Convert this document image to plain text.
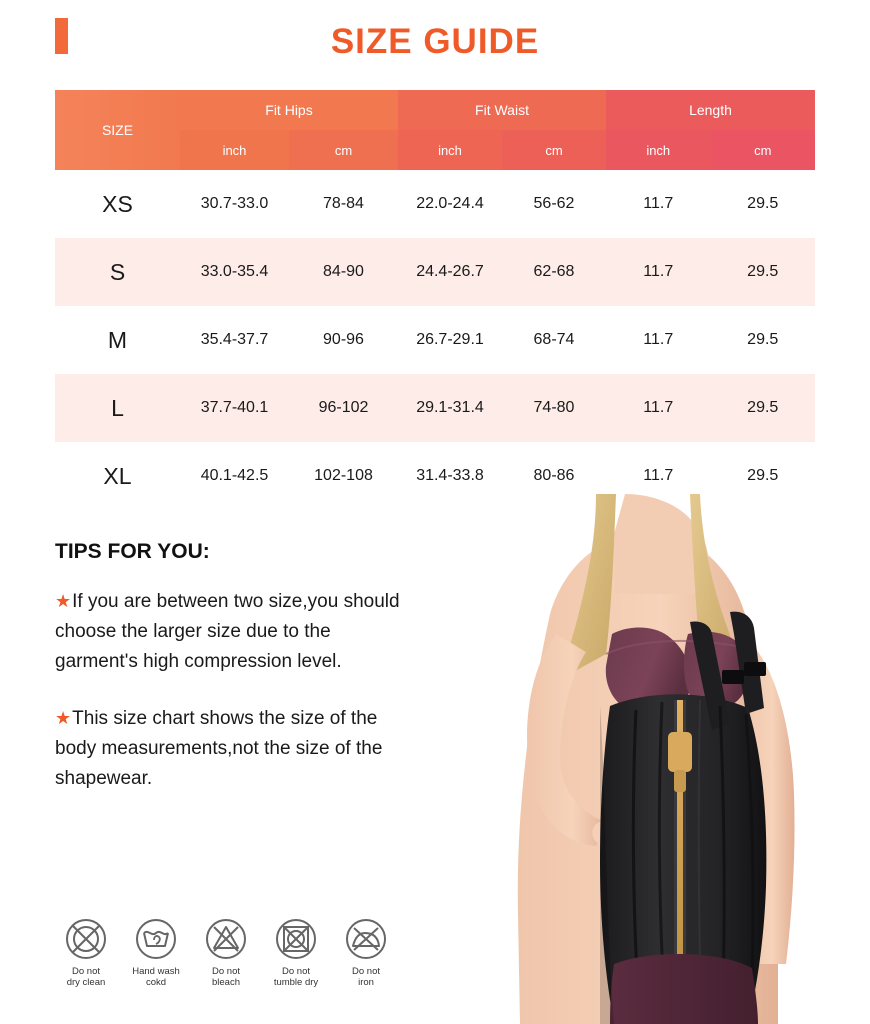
SIZE GUIDE
SIZE	Fit Hips		Fit Waist		Length	
	inch	cm	inch	cm	inch	cm
XS	30.7-33.0	78-84	22.0-24.4	56-62	11.7	29.5
S	33.0-35.4	84-90	24.4-26.7	62-68	11.7	29.5
M	35.4-37.7	90-96	26.7-29.1	68-74	11.7	29.5
L	37.7-40.1	96-102	29.1-31.4	74-80	11.7	29.5
XL	40.1-42.5	102-108	31.4-33.8	80-86	11.7	29.5
TIPS FOR YOU:
★If you are between two size,you should choose the larger size due to the garment's high compression level.
★This size chart shows the size of the body measurements,not the size of the shapewear.
Do not
dry clean
Hand wash
cokd
Do not
bleach
Do not
tumble dry
Do not
iron
